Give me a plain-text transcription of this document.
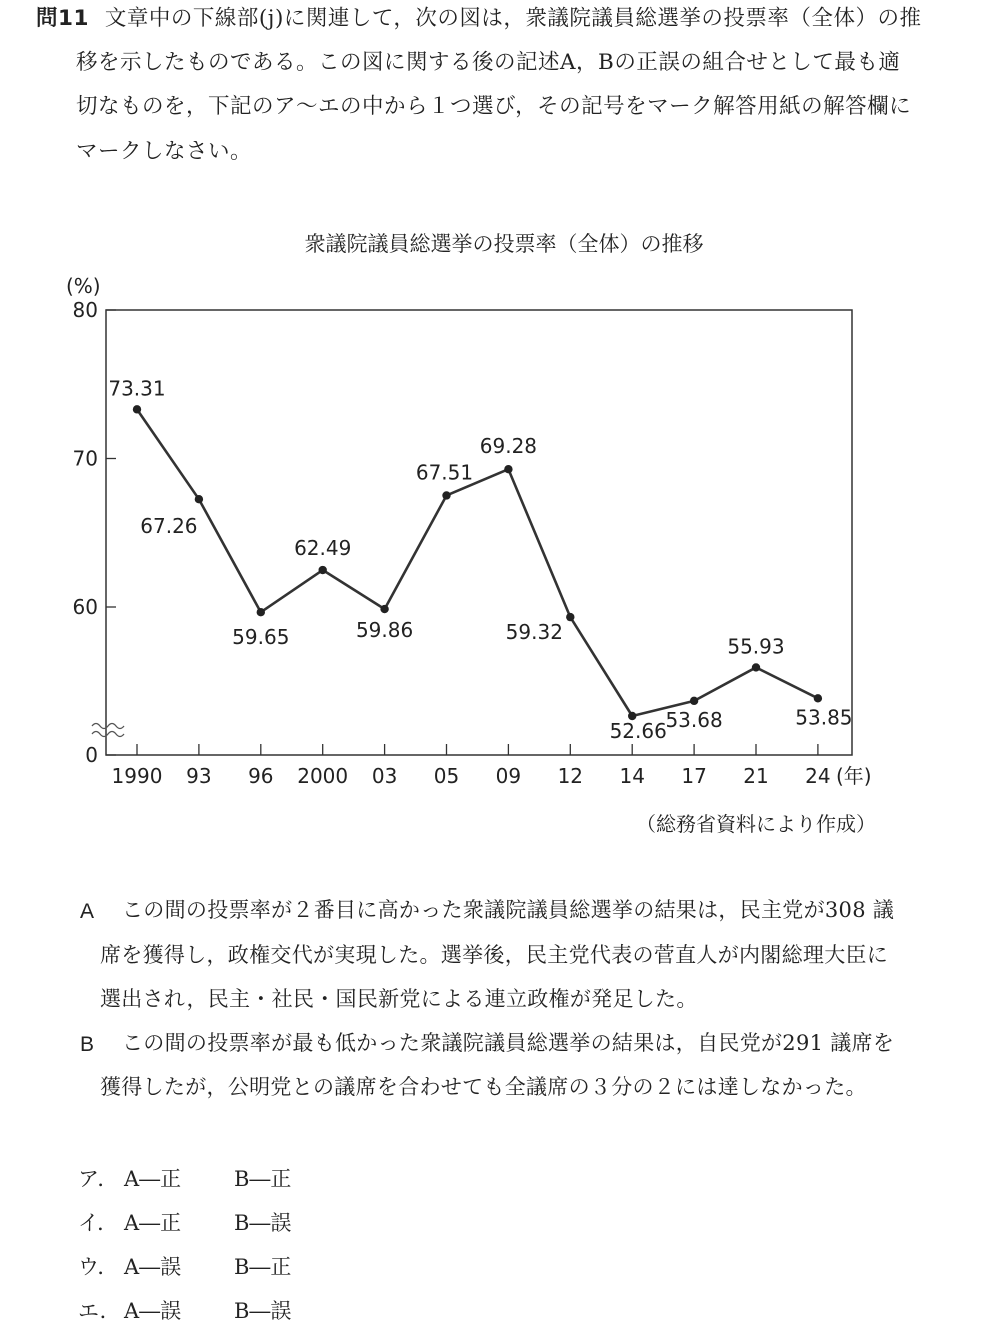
問11 文章中の下線部(j)に関連して，次の図は，衆議院議員総選挙の投票率（全体）の推
移を示したものである。この図に関する後の記述A，Bの正誤の組合せとして最も適
切なものを，下記のア～エの中から１つ選び，その記号をマーク解答用紙の解答欄に
マークしなさい。
衆議院議員総選挙の投票率（全体）の推移
(%)
(年)
0
60
70
80
1990 93 96 2000 03 05 09 12 14 17 21 24
73.31
67.26
59.65
62.49
59.86
67.51
69.28
59.32
52.66
53.68
55.93
53.85
（総務省資料により作成）
A この間の投票率が２番目に高かった衆議院議員総選挙の結果は，民主党が308 議
席を獲得し，政権交代が実現した。選挙後，民主党代表の菅直人が内閣総理大臣に
選出され，民主・社民・国民新党による連立政権が発足した。
B この間の投票率が最も低かった衆議院議員総選挙の結果は，自民党が291 議席を
獲得したが，公明党との議席を合わせても全議席の３分の２には達しなかった。
ア． A―正	B―正
イ． A―正	B―誤
ウ． A―誤	B―正
エ． A―誤	B―誤
